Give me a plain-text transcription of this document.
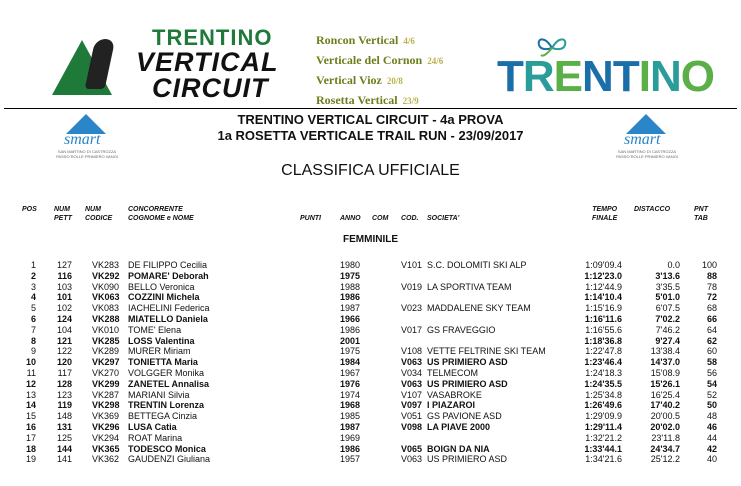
TRENTINO
VERTICAL
CIRCUIT
Roncon Vertical 4/6
Verticale del Cornon 24/6
Vertical Vioz 20/8
Rosetta Vertical 23/9	TRENTINO
smart
SAN MARTINO DI CASTROZZA PASSO ROLLE PRIMIERO VANOI
smart
SAN MARTINO DI CASTROZZA PASSO ROLLE PRIMIERO VANOI
TRENTINO VERTICAL CIRCUIT - 4a PROVA
1a ROSETTA VERTICALE TRAIL RUN - 23/09/2017
CLASSIFICA UFFICIALE
POS NUM
PETT
NUM
CODICE
CONCORRENTE
COGNOME e NOME	PUNTI	ANNO COM COD. SOCIETA'
TEMPO
FINALE
DISTACCO	PNT
TAB
FEMMINILE
1 127 VK283 DE FILIPPO Cecilia	1980	V101 S.C. DOLOMITI SKI ALP	1:09'09.4	0.0 100
2 116 VK292 POMARE' Deborah	1975	1:12'23.0	3'13.6	88
3 103 VK090 BELLO Veronica	1988	V019 LA SPORTIVA TEAM	1:12'44.9	3'35.5	78
4 101 VK063 COZZINI Michela	1986	1:14'10.4	5'01.0	72
5 102 VK083 IACHELINI Federica	1987	V023 MADDALENE SKY TEAM	1:15'16.9	6'07.5	68
6 124 VK288 MIATELLO Daniela	1966	1:16'11.6	7'02.2	66
7 104 VK010 TOME' Elena	1986	V017 GS FRAVEGGIO	1:16'55.6	7'46.2	64
8 121 VK285 LOSS Valentina	2001	1:18'36.8	9'27.4	62
9 122 VK289 MURER Miriam	1975	V108 VETTE FELTRINE SKI TEAM	1:22'47.8	13'38.4	60
10 120 VK297 TONIETTA Maria	1984	V063 US PRIMIERO ASD	1:23'46.4	14'37.0	58
11 117 VK270 VOLGGER Monika	1967	V034 TELMECOM	1:24'18.3	15'08.9	56
12 128 VK299 ZANETEL Annalisa	1976	V063 US PRIMIERO ASD	1:24'35.5	15'26.1	54
13 123 VK287 MARIANI Silvia	1974	V107 VASABROKE	1:25'34.8	16'25.4	52
14 119 VK298 TRENTIN Lorenza	1968	V097 I PIAZAROI	1:26'49.6	17'40.2	50
15 148 VK369 BETTEGA Cinzia	1985	V051 GS PAVIONE ASD	1:29'09.9	20'00.5	48
16 131 VK296 LUSA Catia	1987	V098 LA PIAVE 2000	1:29'11.4	20'02.0	46
17 125 VK294 ROAT Marina	1969	1:32'21.2	23'11.8	44
18 144 VK365 TODESCO Monica	1986	V065 BOIGN DA NIA	1:33'44.1	24'34.7	42
19 141 VK362 GAUDENZI Giuliana	1957	V063 US PRIMIERO ASD	1:34'21.6	25'12.2	40
